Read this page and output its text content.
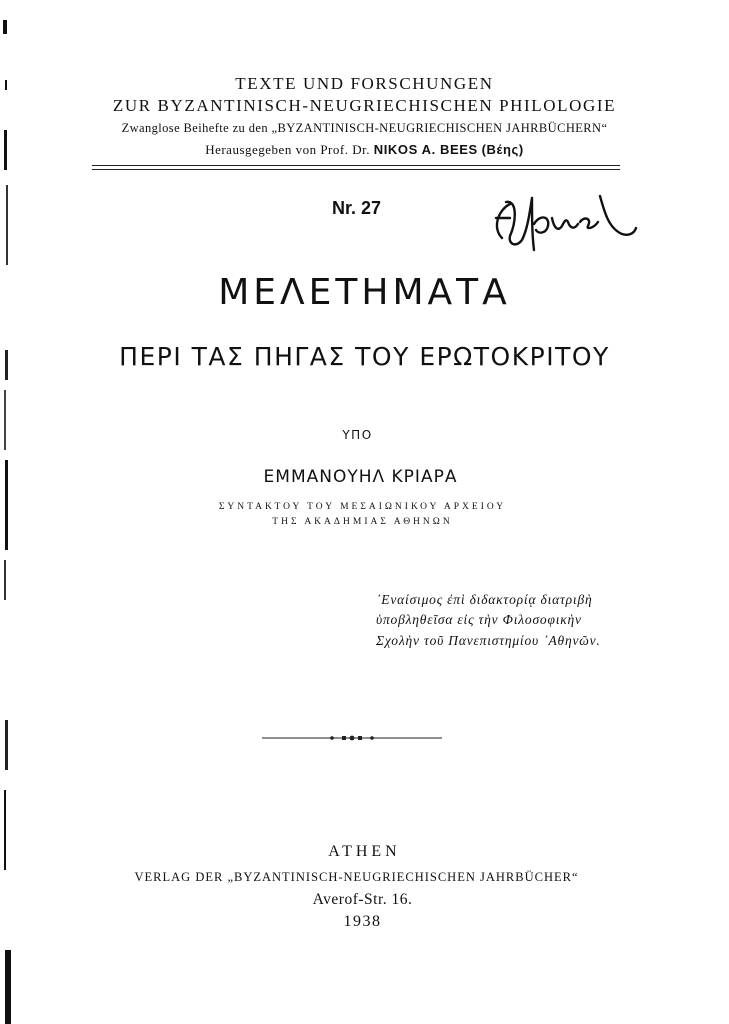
TEXTE UND FORSCHUNGEN
ZUR BYZANTINISCH-NEUGRIECHISCHEN PHILOLOGIE
Zwanglose Beihefte zu den „BYZANTINISCH-NEUGRIECHISCHEN JAHRBÜCHERN“
Herausgegeben von Prof. Dr. NIKOS A. BEES (Bέης)
Nr. 27
ΜΕΛΕΤΗΜΑΤΑ
ΠΕΡΙ ΤΑΣ ΠΗΓΑΣ ΤΟΥ ΕΡΩΤΟΚΡΙΤΟΥ
ΥΠΟ
ΕΜΜΑΝΟΥΗΛ ΚΡΙΑΡΑ
ΣΥΝΤΑΚΤΟΥ ΤΟΥ ΜΕΣΑΙΩΝΙΚΟΥ ΑΡΧΕΙΟΥ
ΤΗΣ ΑΚΑΔΗΜΙΑΣ ΑΘΗΝΩΝ
᾽Εναίσιμος ἐπὶ διδακτορίᾳ διατριβὴ
ὑποβληθεῖσα εἰς τὴν Φιλοσοφικὴν
Σχολὴν τοῦ Πανεπιστημίου ᾽Αθηνῶν.
ATHEN
VERLAG DER „BYZANTINISCH-NEUGRIECHISCHEN JAHRBÜCHER“
Averof-Str. 16.
1938
